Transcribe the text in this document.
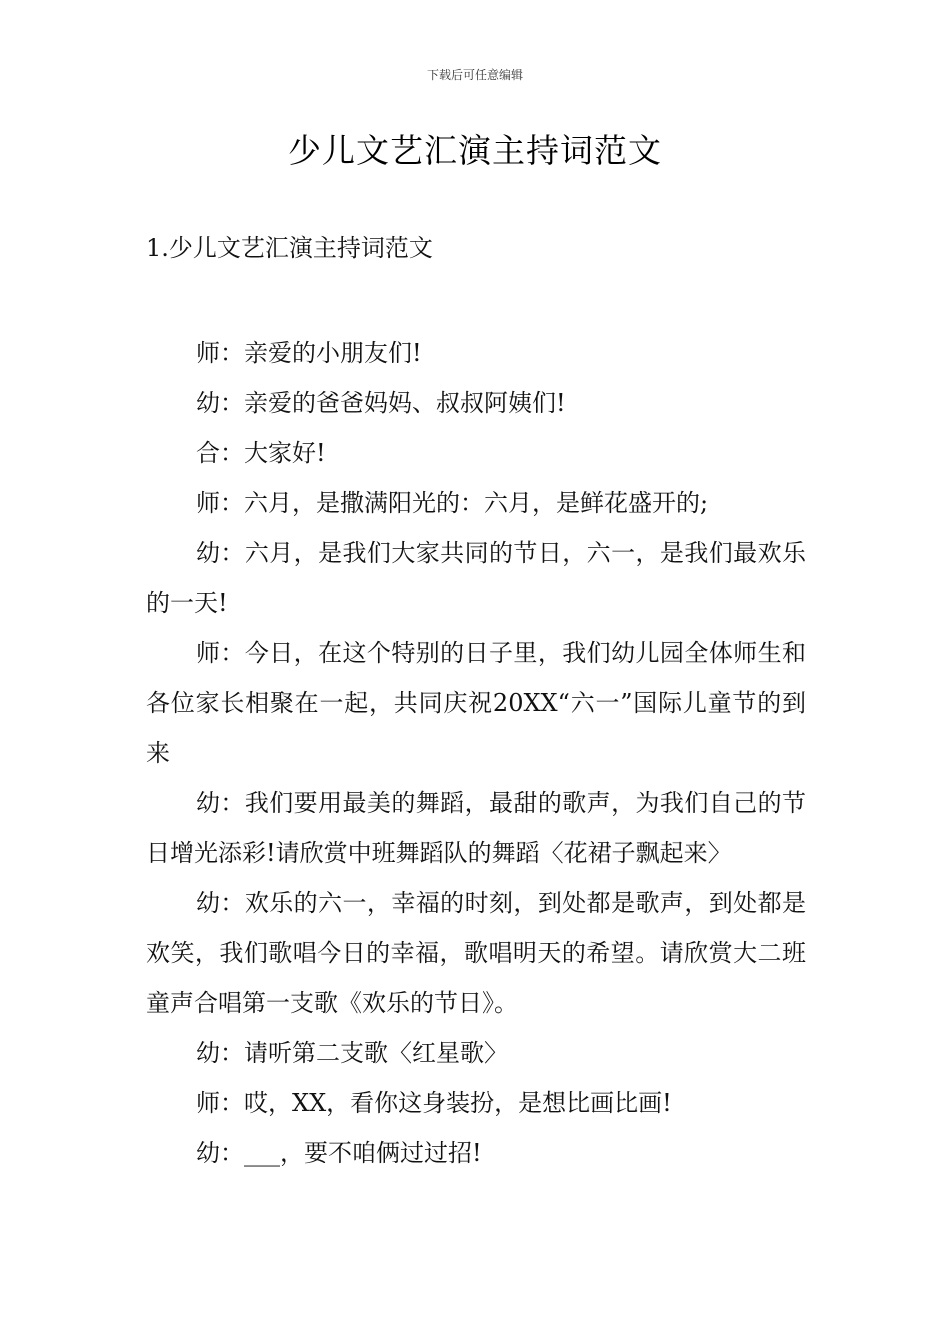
下载后可任意编辑
少儿文艺汇演主持词范文
1.少儿文艺汇演主持词范文

师：亲爱的小朋友们!

幼：亲爱的爸爸妈妈、叔叔阿姨们!

合：大家好!

师：六月，是撒满阳光的：六月，是鲜花盛开的;

幼：六月，是我们大家共同的节日，六一，是我们最欢乐的一天!

师：今日，在这个特别的日子里，我们幼儿园全体师生和各位家长相聚在一起，共同庆祝20XX“六一”国际儿童节的到来

幼：我们要用最美的舞蹈，最甜的歌声，为我们自己的节日增光添彩!请欣赏中班舞蹈队的舞蹈〈花裙子飘起来〉

幼：欢乐的六一，幸福的时刻，到处都是歌声，到处都是欢笑，我们歌唱今日的幸福，歌唱明天的希望。请欣赏大二班童声合唱第一支歌《欢乐的节日》。

幼：请听第二支歌〈红星歌〉

师：哎，XX，看你这身装扮，是想比画比画!

幼：___，要不咱俩过过招!
